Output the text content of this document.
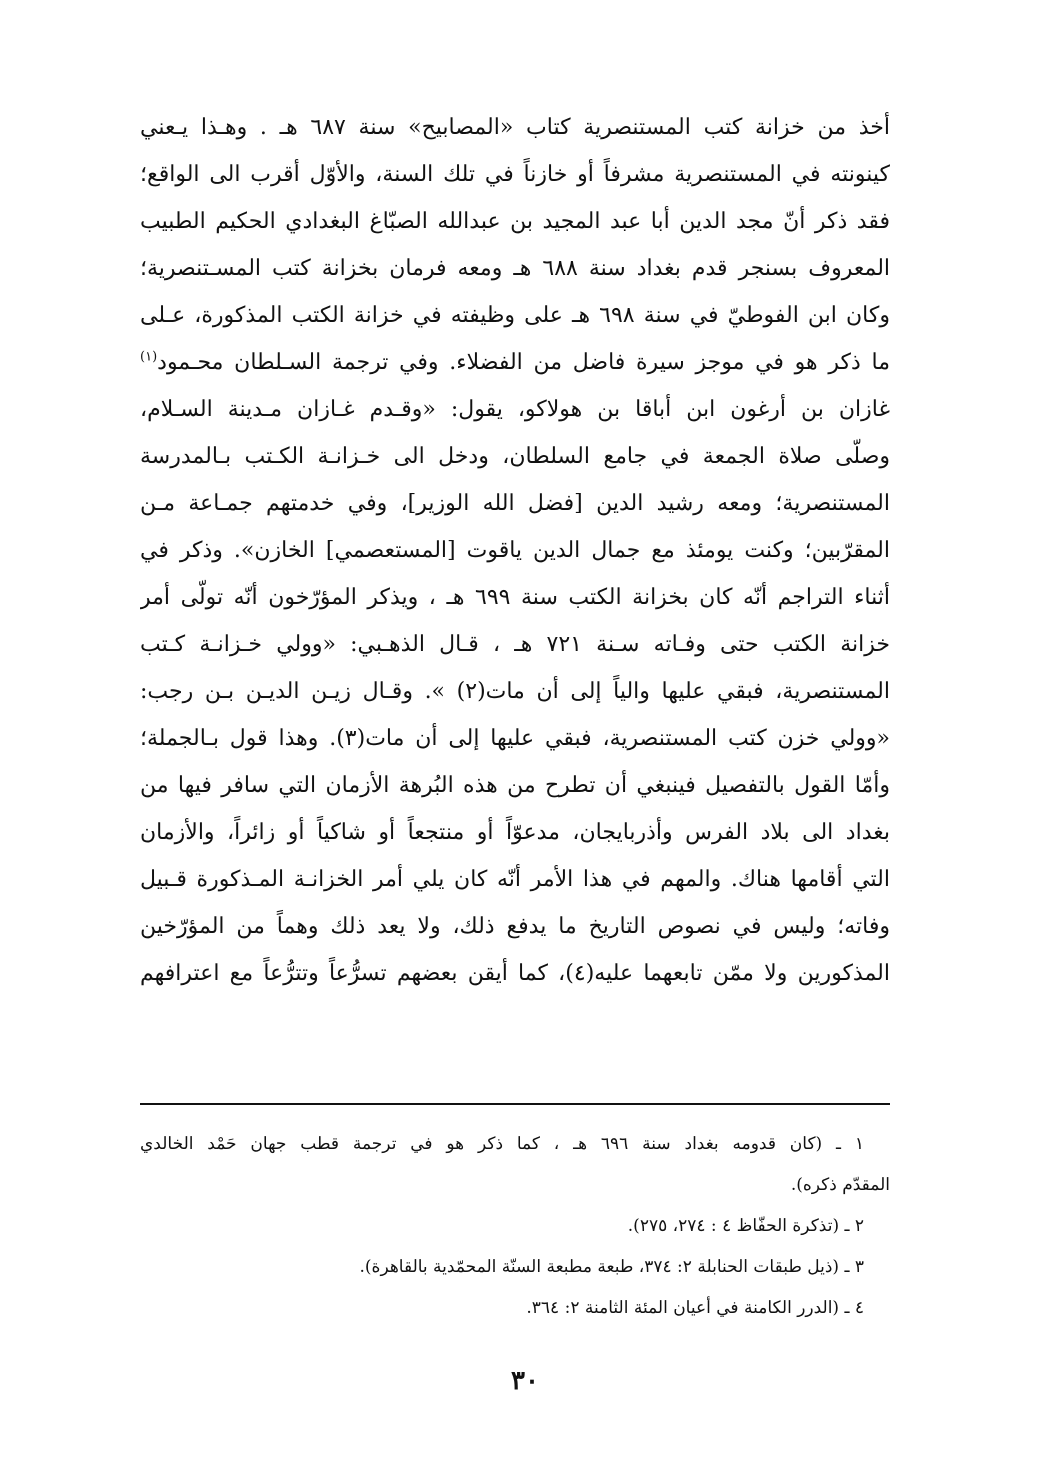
أخذ من خزانة كتب المستنصرية كتاب «المصابيح» سنة ٦٨٧ هـ . وهـذا يـعني
كينونته في المستنصرية مشرفاً أو خازناً في تلك السنة، والأوّل أقرب الى الواقع؛
فقد ذكر أنّ مجد الدين أبا عبد المجيد بن عبدالله الصبّاغ البغدادي الحكيم الطبيب
المعروف بسنجر قدم بغداد سنة ٦٨٨ هـ ومعه فرمان بخزانة كتب المسـتنصرية؛
وكان ابن الفوطيّ في سنة ٦٩٨ هـ على وظيفته في خزانة الكتب المذكورة، عـلى
ما ذكر هو في موجز سيرة فاضل من الفضلاء. وفي ترجمة السـلطان محـمود$^{(١)}$
غازان بن أرغون ابن أباقا بن هولاكو، يقول: «وقـدم غـازان مـدينة السـلام،
وصلّى صلاة الجمعة في جامع السلطان، ودخل الى خـزانـة الكـتب بـالمدرسة
المستنصرية؛ ومعه رشيد الدين [فضل الله الوزير]، وفي خدمتهم جمـاعة مـن
المقرّبين؛ وكنت يومئذ مع جمال الدين ياقوت [المستعصمي] الخازن». وذكر في
أثناء التراجم أنّه كان بخزانة الكتب سنة ٦٩٩ هـ ، ويذكر المؤرّخون أنّه تولّى أمر
خزانة الكتب حتى وفـاته سـنة ٧٢١ هـ ، قـال الذهـبي: «وولي خـزانـة كـتب
المستنصرية، فبقي عليها والياً إلى أن مات(٢) ». وقـال زيـن الديـن بـن رجب:
«وولي خزن كتب المستنصرية، فبقي عليها إلى أن مات(٣). وهذا قول بـالجملة؛
وأمّا القول بالتفصيل فينبغي أن تطرح من هذه البُرهة الأزمان التي سافر فيها من
بغداد الى بلاد الفرس وأذربايجان، مدعوّاً أو منتجعاً أو شاكياً أو زائراً، والأزمان
التي أقامها هناك. والمهم في هذا الأمر أنّه كان يلي أمر الخزانـة المـذكورة قـبيل
وفاته؛ وليس في نصوص التاريخ ما يدفع ذلك، ولا يعد ذلك وهماً من المؤرّخين
المذكورين ولا ممّن تابعهما عليه(٤)، كما أيقن بعضهم تسرُّعاً وتترُّعاً مع اعترافهم
١ ـ (كان قدومه بغداد سنة ٦٩٦ هـ ، كما ذكر هو في ترجمة قطب جهان حَمْد الخالدي
المقدّم ذكره).
٢ ـ (تذكرة الحفّاظ ٤ : ٢٧٤، ٢٧٥).
٣ ـ (ذيل طبقات الحنابلة ٢: ٣٧٤، طبعة مطبعة السنّة المحمّدية بالقاهرة).
٤ ـ (الدرر الكامنة في أعيان المئة الثامنة ٢: ٣٦٤.
٣٠
